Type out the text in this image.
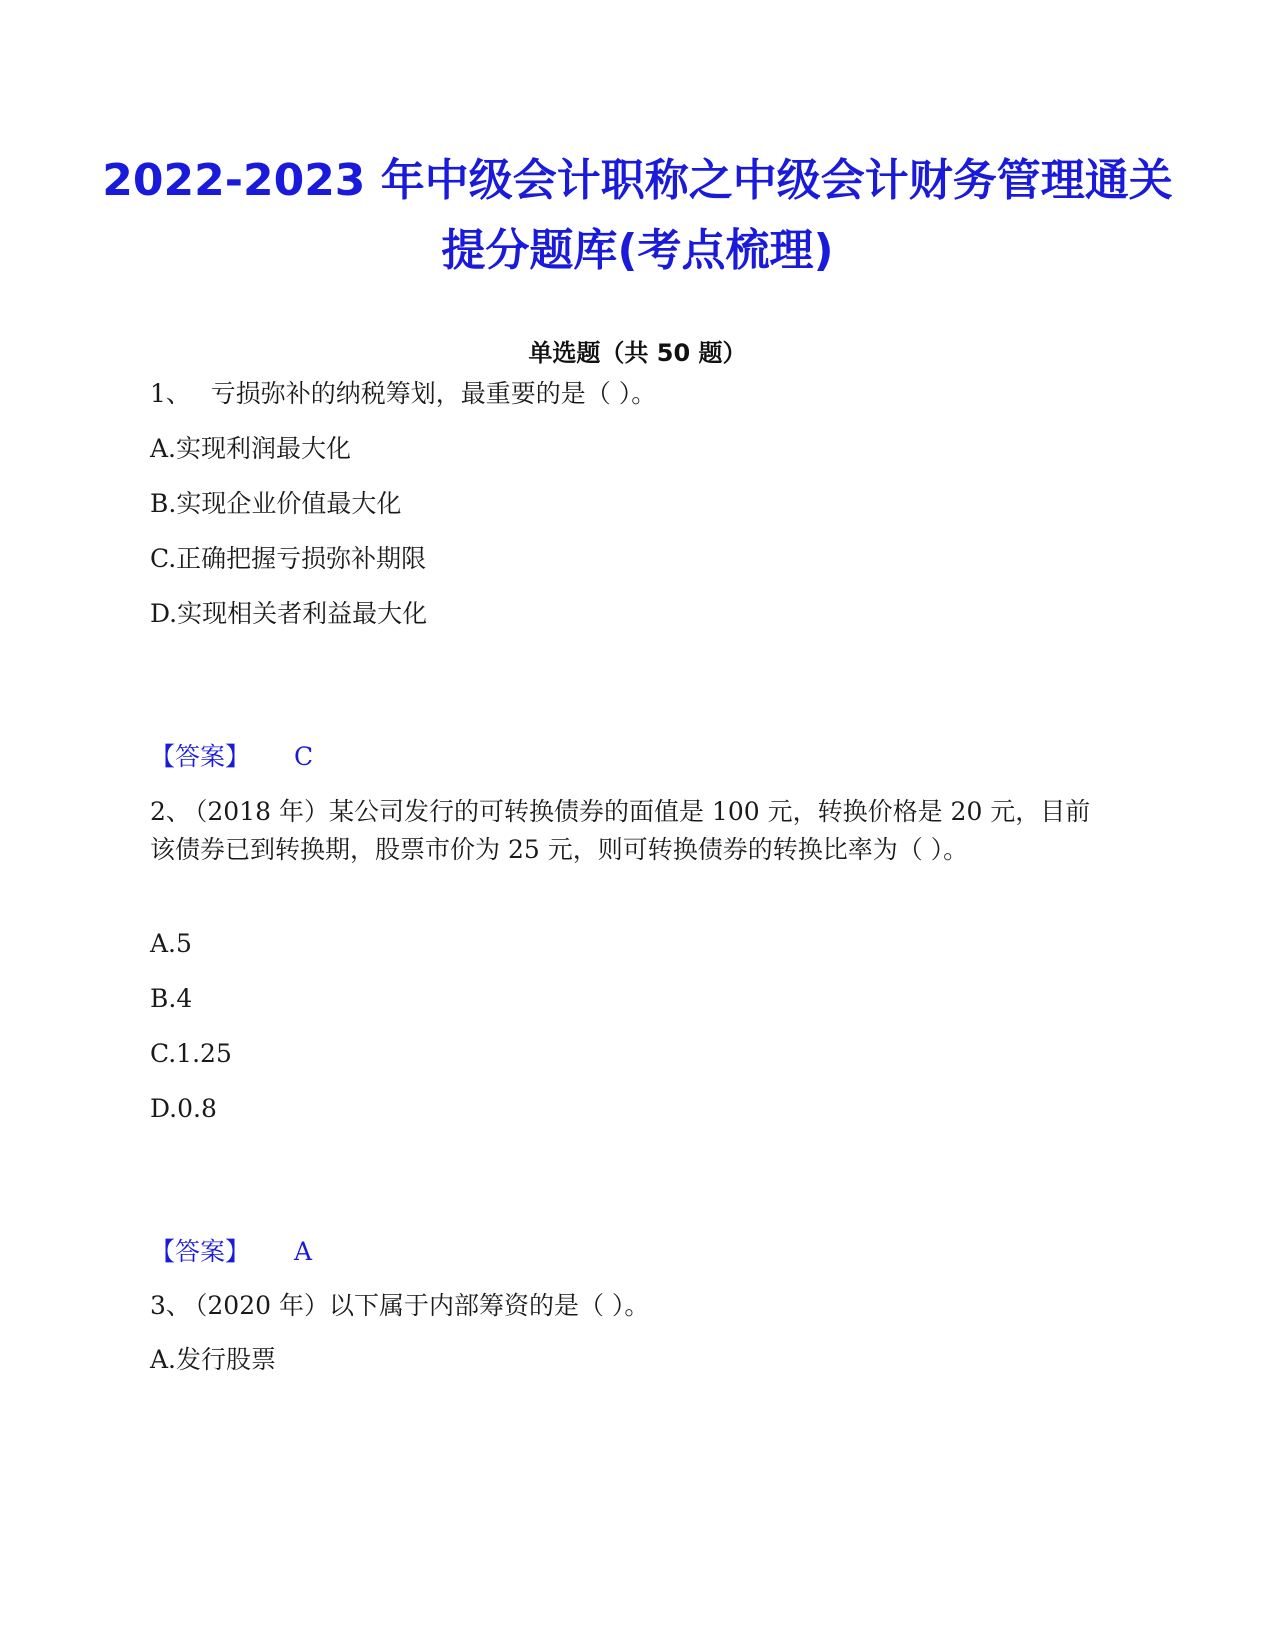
2022-2023 年中级会计职称之中级会计财务管理通关提分题库(考点梳理)
单选题（共 50 题）

1、  亏损弥补的纳税筹划，最重要的是（ ）。

A.实现利润最大化

B.实现企业价值最大化

C.正确把握亏损弥补期限

D.实现相关者利益最大化

【答案】 C

2、 （2018 年）某公司发行的可转换债券的面值是 100 元，转换价格是 20 元，目前该债券已到转换期，股票市价为 25 元，则可转换债券的转换比率为（ ）。

A.5

B.4

C.1.25

D.0.8

【答案】 A

3、 （2020 年）以下属于内部筹资的是（ ）。

A.发行股票
